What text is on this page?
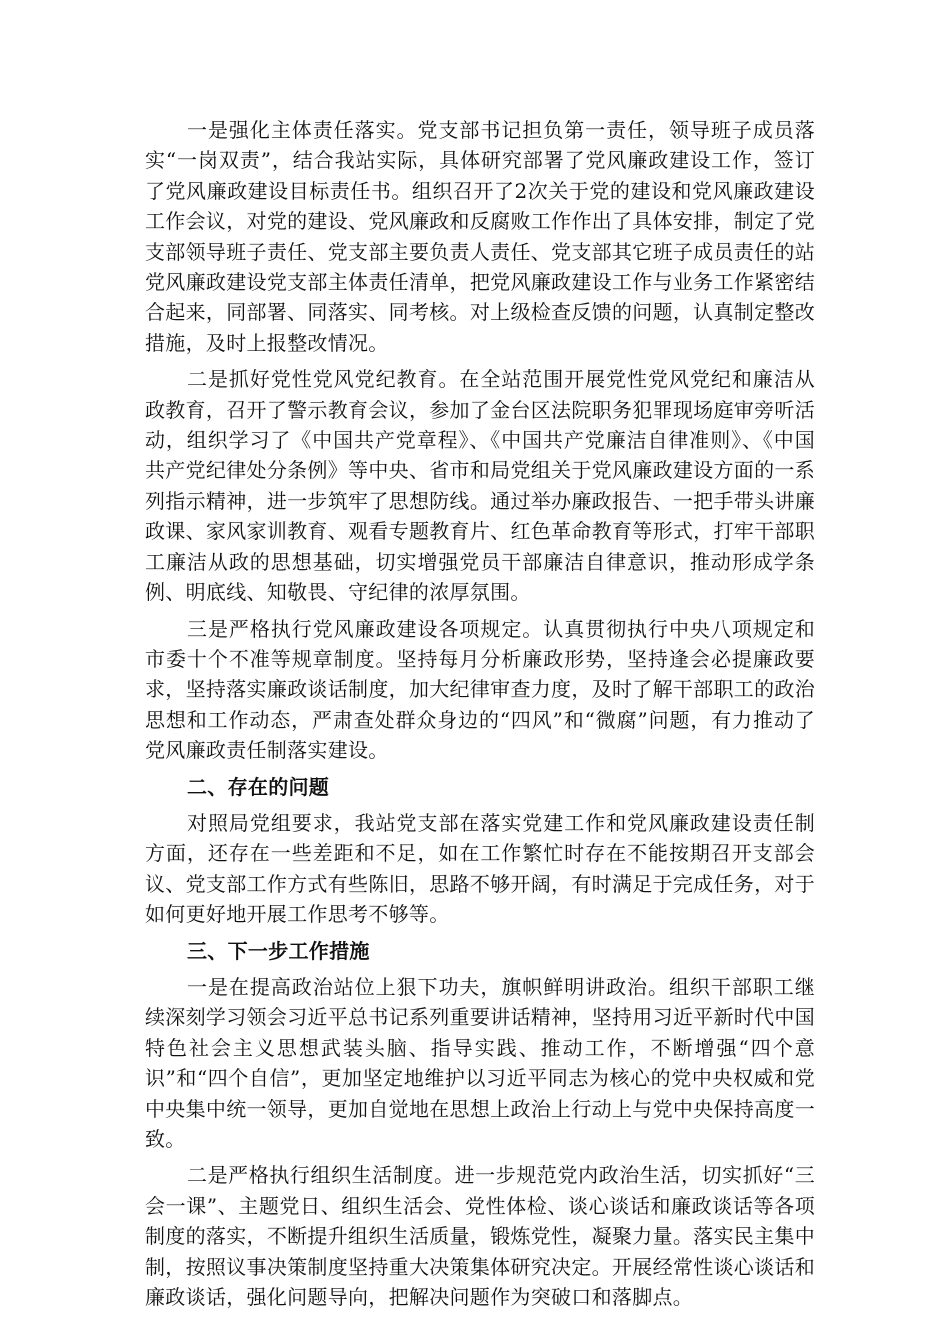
一是强化主体责任落实。党支部书记担负第一责任，领导班子成员落实“一岗双责”，结合我站实际，具体研究部署了党风廉政建设工作，签订了党风廉政建设目标责任书。组织召开了2次关于党的建设和党风廉政建设工作会议，对党的建设、党风廉政和反腐败工作作出了具体安排，制定了党支部领导班子责任、党支部主要负责人责任、党支部其它班子成员责任的站党风廉政建设党支部主体责任清单，把党风廉政建设工作与业务工作紧密结合起来，同部署、同落实、同考核。对上级检查反馈的问题，认真制定整改措施，及时上报整改情况。

二是抓好党性党风党纪教育。在全站范围开展党性党风党纪和廉洁从政教育，召开了警示教育会议，参加了金台区法院职务犯罪现场庭审旁听活动，组织学习了《中国共产党章程》、《中国共产党廉洁自律准则》、《中国共产党纪律处分条例》等中央、省市和局党组关于党风廉政建设方面的一系列指示精神，进一步筑牢了思想防线。通过举办廉政报告、一把手带头讲廉政课、家风家训教育、观看专题教育片、红色革命教育等形式，打牢干部职工廉洁从政的思想基础，切实增强党员干部廉洁自律意识，推动形成学条例、明底线、知敬畏、守纪律的浓厚氛围。

三是严格执行党风廉政建设各项规定。认真贯彻执行中央八项规定和市委十个不准等规章制度。坚持每月分析廉政形势，坚持逢会必提廉政要求，坚持落实廉政谈话制度，加大纪律审查力度，及时了解干部职工的政治思想和工作动态，严肃查处群众身边的“四风”和“微腐”问题，有力推动了党风廉政责任制落实建设。

二、存在的问题

对照局党组要求，我站党支部在落实党建工作和党风廉政建设责任制方面，还存在一些差距和不足，如在工作繁忙时存在不能按期召开支部会议、党支部工作方式有些陈旧，思路不够开阔，有时满足于完成任务，对于如何更好地开展工作思考不够等。

三、下一步工作措施

一是在提高政治站位上狠下功夫，旗帜鲜明讲政治。组织干部职工继续深刻学习领会习近平总书记系列重要讲话精神，坚持用习近平新时代中国特色社会主义思想武装头脑、指导实践、推动工作，不断增强“四个意识”和“四个自信”，更加坚定地维护以习近平同志为核心的党中央权威和党中央集中统一领导，更加自觉地在思想上政治上行动上与党中央保持高度一致。

二是严格执行组织生活制度。进一步规范党内政治生活，切实抓好“三会一课”、主题党日、组织生活会、党性体检、谈心谈话和廉政谈话等各项制度的落实，不断提升组织生活质量，锻炼党性，凝聚力量。落实民主集中制，按照议事决策制度坚持重大决策集体研究决定。开展经常性谈心谈话和廉政谈话，强化问题导向，把解决问题作为突破口和落脚点。
